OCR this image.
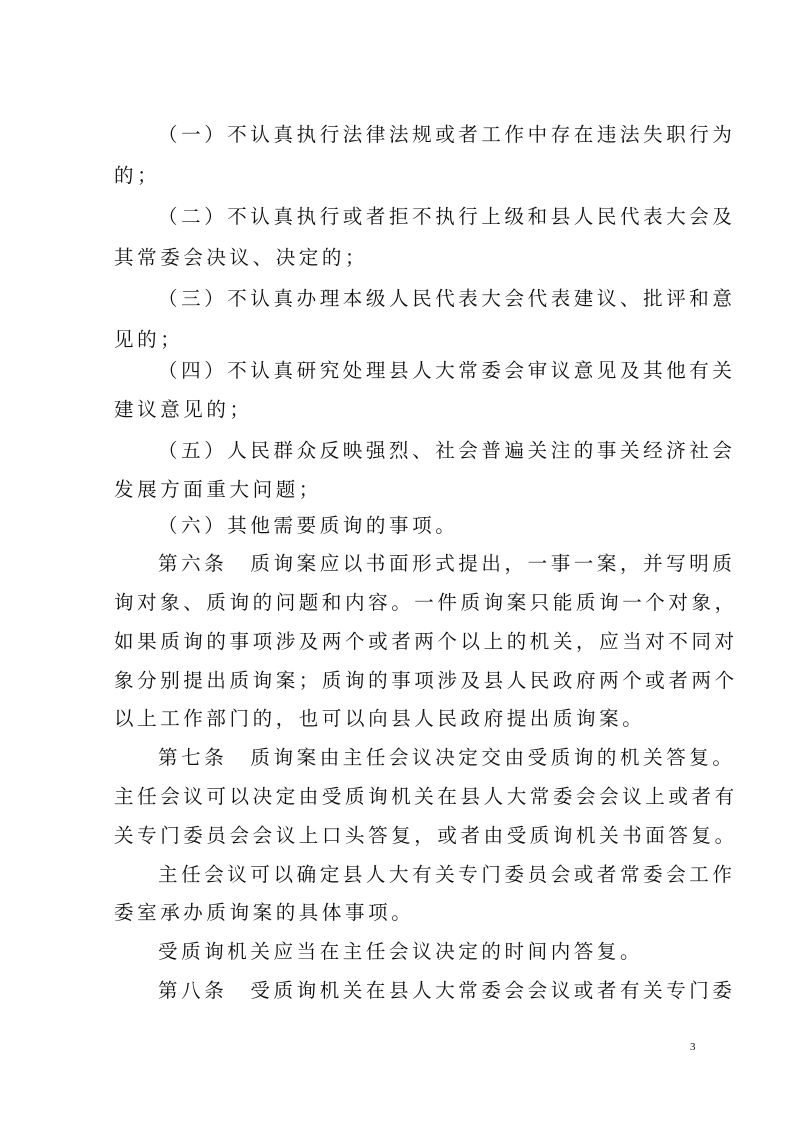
（一）不认真执行法律法规或者工作中存在违法失职行为
的；
（二）不认真执行或者拒不执行上级和县人民代表大会及
其常委会决议、决定的；
（三）不认真办理本级人民代表大会代表建议、批评和意
见的；
（四）不认真研究处理县人大常委会审议意见及其他有关
建议意见的；
（五）人民群众反映强烈、社会普遍关注的事关经济社会
发展方面重大问题；
（六）其他需要质询的事项。
第六条　质询案应以书面形式提出，一事一案，并写明质
询对象、质询的问题和内容。一件质询案只能质询一个对象，
如果质询的事项涉及两个或者两个以上的机关，应当对不同对
象分别提出质询案；质询的事项涉及县人民政府两个或者两个
以上工作部门的，也可以向县人民政府提出质询案。
第七条　质询案由主任会议决定交由受质询的机关答复。
主任会议可以决定由受质询机关在县人大常委会会议上或者有
关专门委员会会议上口头答复，或者由受质询机关书面答复。
主任会议可以确定县人大有关专门委员会或者常委会工作
委室承办质询案的具体事项。
受质询机关应当在主任会议决定的时间内答复。
第八条　受质询机关在县人大常委会会议或者有关专门委
3
